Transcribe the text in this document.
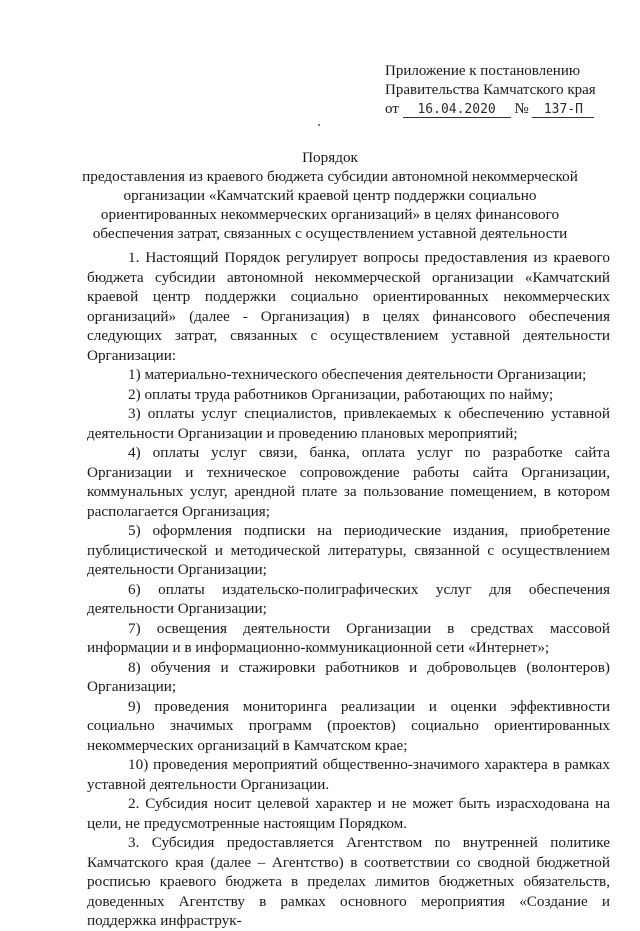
Приложение к постановлению
Правительства Камчатского края
от 16.04.2020 № 137-П
Порядок
предоставления из краевого бюджета субсидии автономной некоммерческой организации «Камчатский краевой центр поддержки социально ориентированных некоммерческих организаций» в целях финансового обеспечения затрат, связанных с осуществлением уставной деятельности

1. Настоящий Порядок регулирует вопросы предоставления из краевого бюджета субсидии автономной некоммерческой организации «Камчатский краевой центр поддержки социально ориентированных некоммерческих организаций» (далее - Организация) в целях финансового обеспечения следующих затрат, связанных с осуществлением уставной деятельности Организации:

1) материально-технического обеспечения деятельности Организации;

2) оплаты труда работников Организации, работающих по найму;

3) оплаты услуг специалистов, привлекаемых к обеспечению уставной деятельности Организации и проведению плановых мероприятий;

4) оплаты услуг связи, банка, оплата услуг по разработке сайта Организации и техническое сопровождение работы сайта Организации, коммунальных услуг, арендной плате за пользование помещением, в котором располагается Организация;

5) оформления подписки на периодические издания, приобретение публицистической и методической литературы, связанной с осуществлением деятельности Организации;

6) оплаты издательско-полиграфических услуг для обеспечения деятельности Организации;

7) освещения деятельности Организации в средствах массовой информации и в информационно-коммуникационной сети «Интернет»;

8) обучения и стажировки работников и добровольцев (волонтеров) Организации;

9) проведения мониторинга реализации и оценки эффективности социально значимых программ (проектов) социально ориентированных некоммерческих организаций в Камчатском крае;

10) проведения мероприятий общественно-значимого характера в рамках уставной деятельности Организации.

2. Субсидия носит целевой характер и не может быть израсходована на цели, не предусмотренные настоящим Порядком.

3. Субсидия предоставляется Агентством по внутренней политике Камчатского края (далее – Агентство) в соответствии со сводной бюджетной росписью краевого бюджета в пределах лимитов бюджетных обязательств, доведенных Агентству в рамках основного мероприятия «Создание и поддержка инфраструк-
